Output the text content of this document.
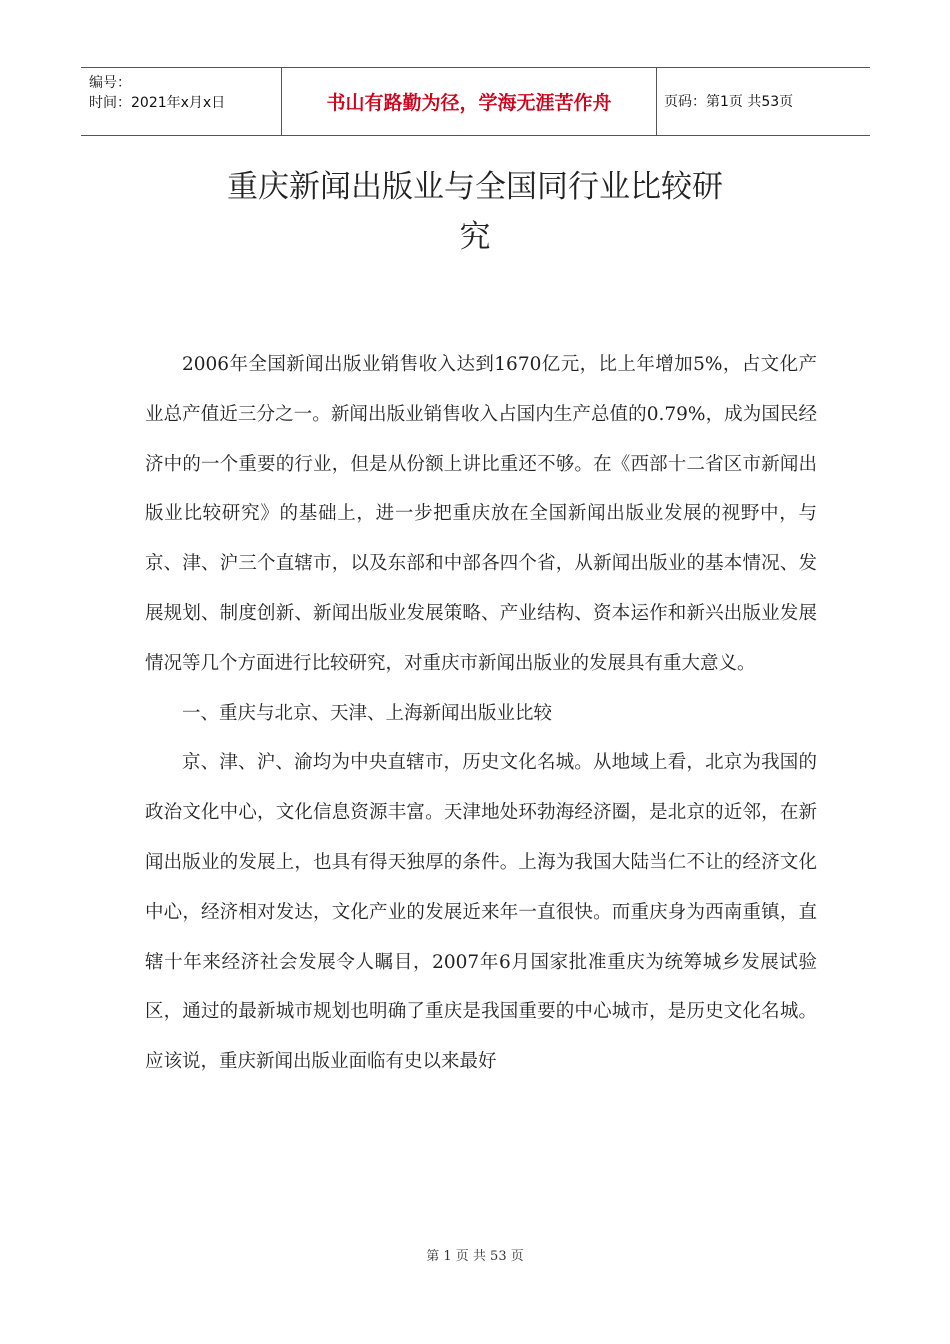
编号：
时间：2021年x月x日	书山有路勤为径，学海无涯苦作舟	页码：第1页 共53页
重庆新闻出版业与全国同行业比较研
究

2006年全国新闻出版业销售收入达到1670亿元，比上年增加5%，占文化产业总产值近三分之一。新闻出版业销售收入占国内生产总值的0.79%，成为国民经济中的一个重要的行业，但是从份额上讲比重还不够。在《西部十二省区市新闻出版业比较研究》的基础上，进一步把重庆放在全国新闻出版业发展的视野中，与京、津、沪三个直辖市，以及东部和中部各四个省，从新闻出版业的基本情况、发展规划、制度创新、新闻出版业发展策略、产业结构、资本运作和新兴出版业发展情况等几个方面进行比较研究，对重庆市新闻出版业的发展具有重大意义。

一、重庆与北京、天津、上海新闻出版业比较

京、津、沪、渝均为中央直辖市，历史文化名城。从地域上看，北京为我国的政治文化中心，文化信息资源丰富。天津地处环勃海经济圈，是北京的近邻，在新闻出版业的发展上，也具有得天独厚的条件。上海为我国大陆当仁不让的经济文化中心，经济相对发达，文化产业的发展近来年一直很快。而重庆身为西南重镇，直辖十年来经济社会发展令人瞩目，2007年6月国家批准重庆为统筹城乡发展试验区，通过的最新城市规划也明确了重庆是我国重要的中心城市，是历史文化名城。应该说，重庆新闻出版业面临有史以来最好

第 1 页 共 53 页
